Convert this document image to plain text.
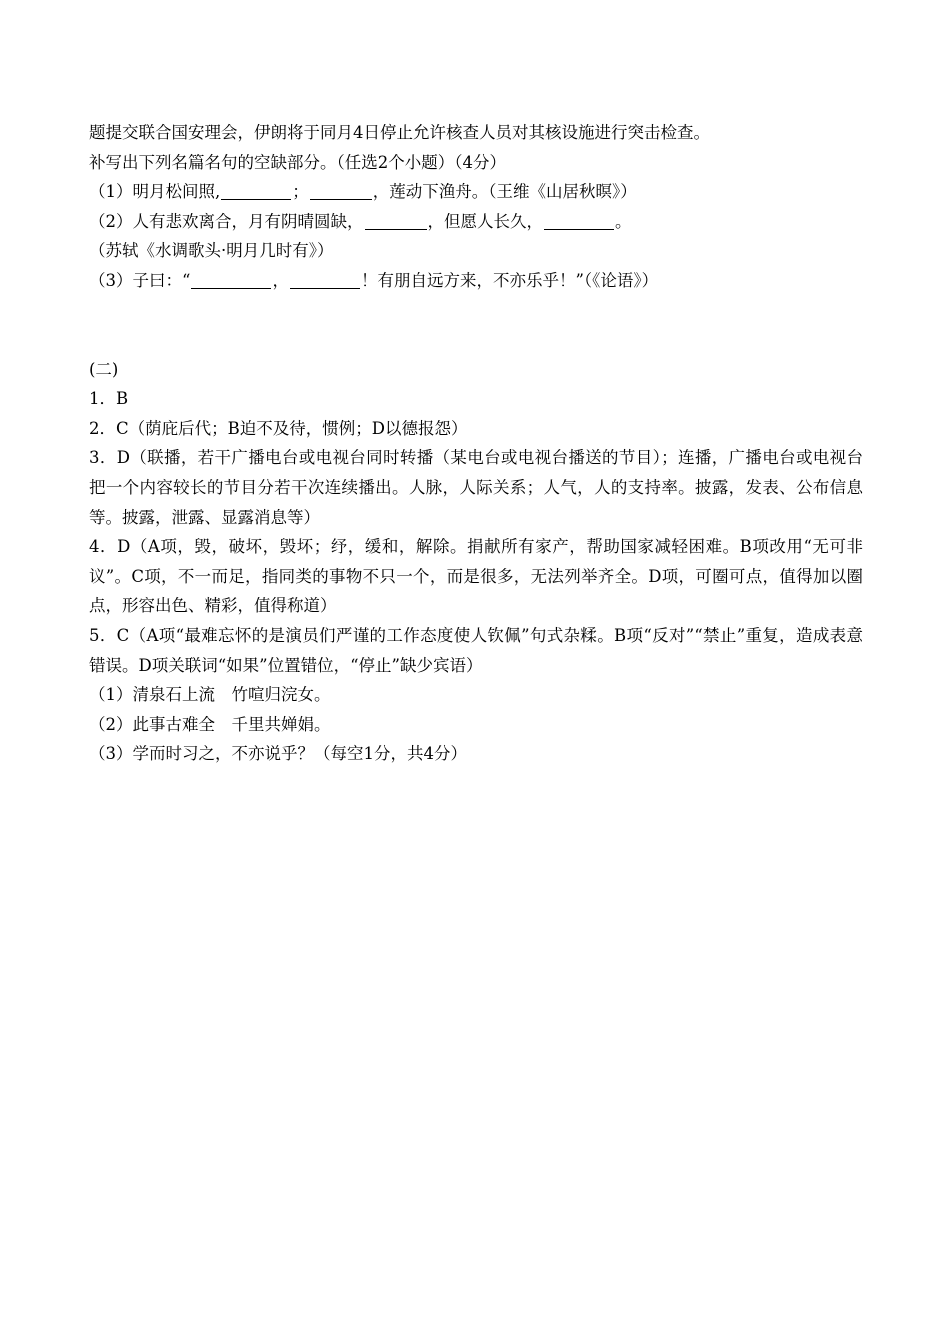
题提交联合国安理会，伊朗将于同月4日停止允许核查人员对其核设施进行突击检查。
补写出下列名篇名句的空缺部分。（任选2个小题）（4分）
（1）明月松间照,	；	，莲动下渔舟。（王维《山居秋暝》）
（2）人有悲欢离合，月有阴晴圆缺，	，但愿人长久，	。
（苏轼《水调歌头·明月几时有》）
（3）子曰：“	，	！有朋自远方来，不亦乐乎！”（《论语》）
(二)
1．B
2．C（荫庇后代；B迫不及待，惯例；D以德报怨）
3．D（联播，若干广播电台或电视台同时转播（某电台或电视台播送的节目）；连播，广播电台或电视台把一个内容较长的节目分若干次连续播出。人脉，人际关系；人气，人的支持率。披露，发表、公布信息等。披露，泄露、显露消息等）
4．D（A项，毁，破坏，毁坏；纾，缓和，解除。捐献所有家产，帮助国家减轻困难。B项改用“无可非议”。C项，不一而足，指同类的事物不只一个，而是很多，无法列举齐全。D项，可圈可点，值得加以圈点，形容出色、精彩，值得称道）
5．C（A项“最难忘怀的是演员们严谨的工作态度使人钦佩”句式杂糅。B项“反对”“禁止”重复，造成表意错误。D项关联词“如果”位置错位，“停止”缺少宾语）
（1）清泉石上流　竹喧归浣女。
（2）此事古难全　千里共婵娟。
（3）学而时习之，不亦说乎？（每空1分，共4分）
